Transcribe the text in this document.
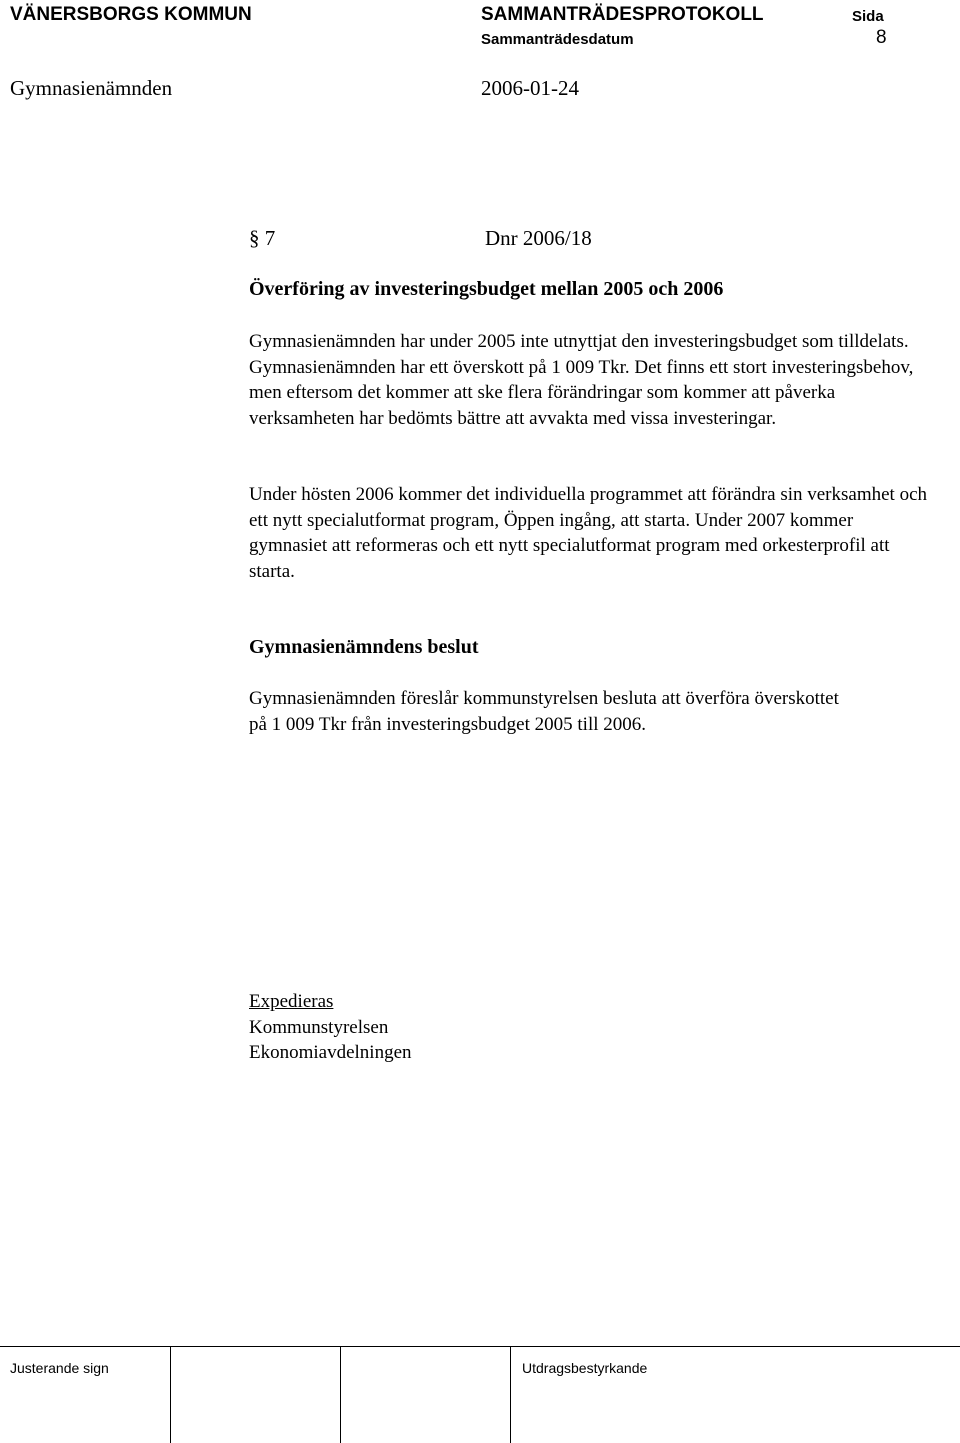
VÄNERSBORGS KOMMUN	SAMMANTRÄDESPROTOKOLL	Sida
Sammanträdesdatum	8
Gymnasienämnden	2006-01-24
§ 7	Dnr 2006/18
Överföring av investeringsbudget mellan 2005 och 2006

Gymnasienämnden har under 2005 inte utnyttjat den investeringsbudget som tilldelats. Gymnasienämnden har ett överskott på 1 009 Tkr. Det finns ett stort investeringsbehov, men eftersom det kommer att ske flera förändringar som kommer att påverka verksamheten har bedömts bättre att avvakta med vissa investeringar.

Under hösten 2006 kommer det individuella programmet att förändra sin verksamhet och ett nytt specialutformat program, Öppen ingång, att starta. Under 2007 kommer gymnasiet att reformeras och ett nytt specialutformat program med orkesterprofil att starta.

Gymnasienämndens beslut

Gymnasienämnden föreslår kommunstyrelsen besluta att överföra överskottet på 1 009 Tkr från investeringsbudget 2005 till 2006.

Expedieras
Kommunstyrelsen
Ekonomiavdelningen
Justerande sign	Utdragsbestyrkande
